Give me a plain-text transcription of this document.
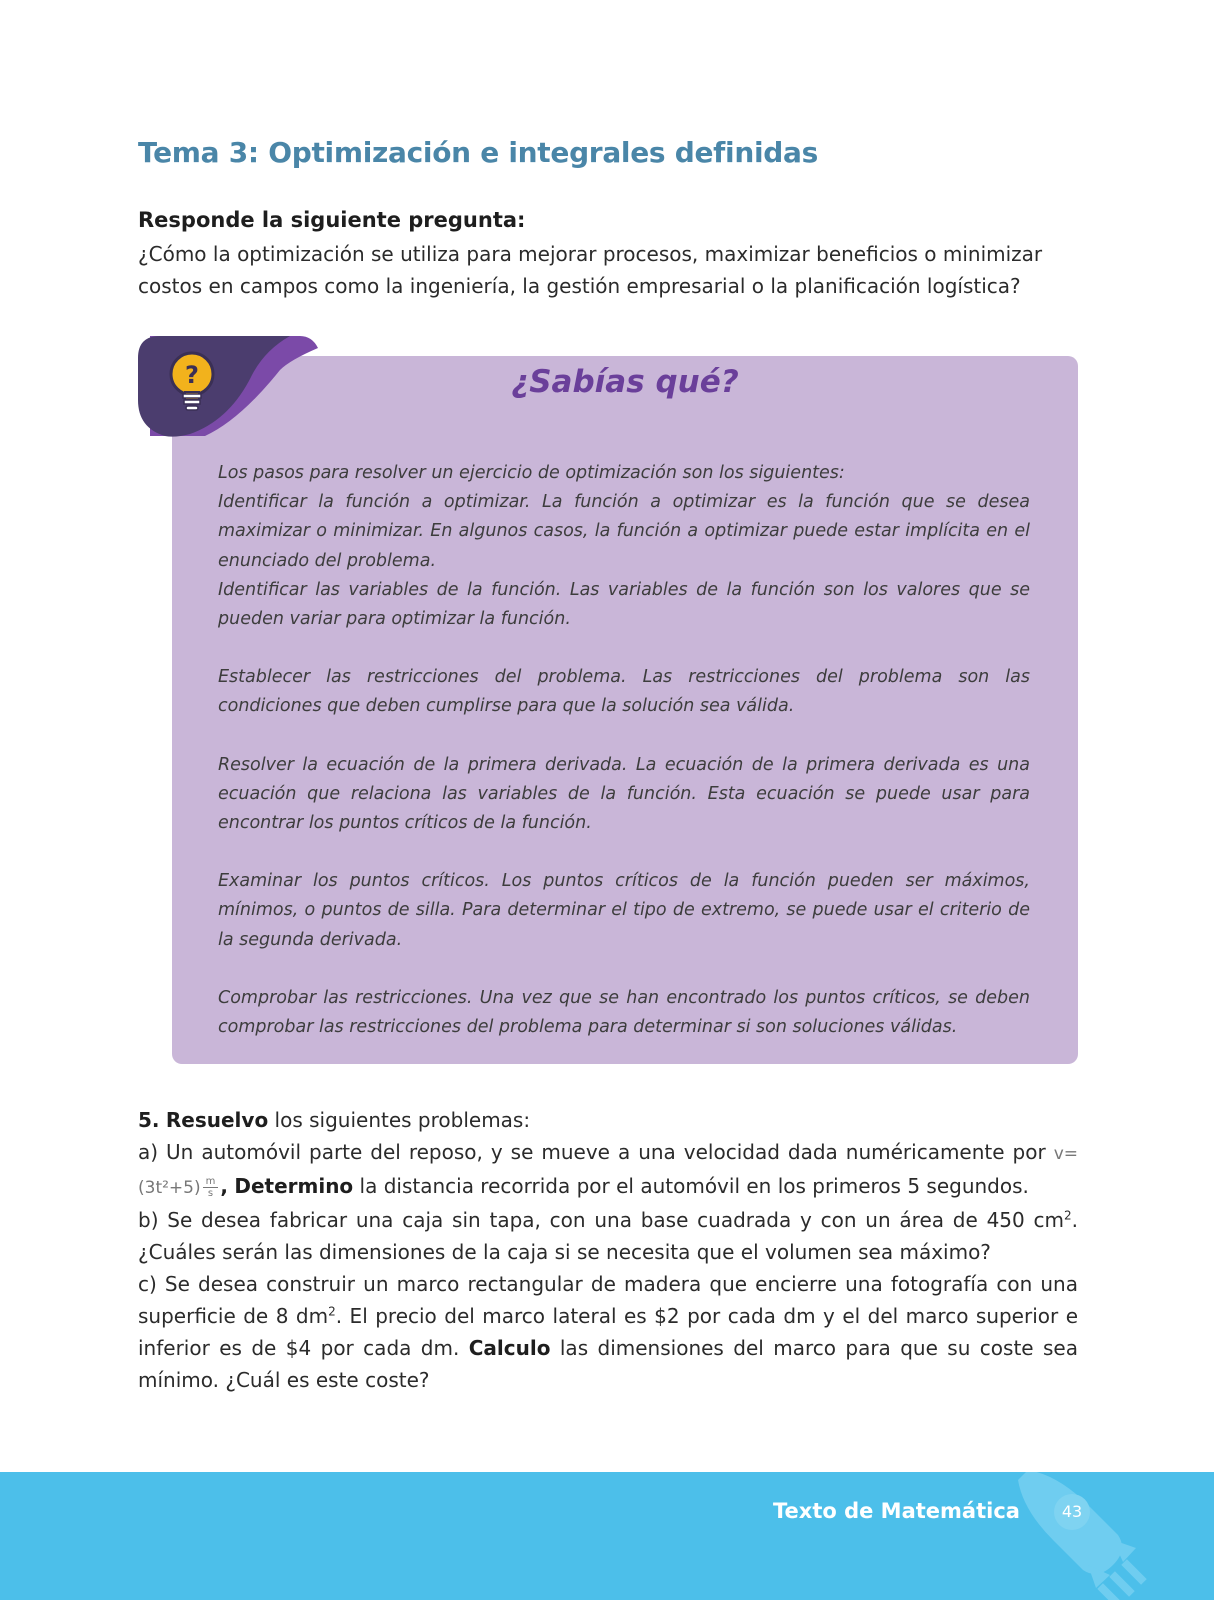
Tema 3: Optimización e integrales definidas
Responde la siguiente pregunta:
¿Cómo la optimización se utiliza para mejorar procesos, maximizar beneficios o minimizar costos en campos como la ingeniería, la gestión empresarial o la planificación logística?
?	¿Sabías qué?

Los pasos para resolver un ejercicio de optimización son los siguientes:

Identificar la función a optimizar. La función a optimizar es la función que se desea maximizar o minimizar. En algunos casos, la función a optimizar puede estar implícita en el enunciado del problema.

Identificar las variables de la función. Las variables de la función son los valores que se pueden variar para optimizar la función.

Establecer las restricciones del problema. Las restricciones del problema son las condiciones que deben cumplirse para que la solución sea válida.

Resolver la ecuación de la primera derivada. La ecuación de la primera derivada es una ecuación que relaciona las variables de la función. Esta ecuación se puede usar para encontrar los puntos críticos de la función.

Examinar los puntos críticos. Los puntos críticos de la función pueden ser máximos, mínimos, o puntos de silla. Para determinar el tipo de extremo, se puede usar el criterio de la segunda derivada.

Comprobar las restricciones. Una vez que se han encontrado los puntos críticos, se deben comprobar las restricciones del problema para determinar si son soluciones válidas.

5. Resuelvo los siguientes problemas:

a) Un automóvil parte del reposo, y se mueve a una velocidad dada numéricamente por $v=(3t^2+5) \frac{m}{s}$ , Determino la distancia recorrida por el automóvil en los primeros 5 segundos.

b) Se desea fabricar una caja sin tapa, con una base cuadrada y con un área de 450 $cm^2$. ¿Cuáles serán las dimensiones de la caja si se necesita que el volumen sea máximo?

c) Se desea construir un marco rectangular de madera que encierre una fotografía con una superficie de 8 $dm^2$. El precio del marco lateral es $2 por cada dm y el del marco superior e inferior es de $4 por cada dm. Calculo las dimensiones del marco para que su coste sea mínimo. ¿Cuál es este coste?

Texto de Matemática	43
